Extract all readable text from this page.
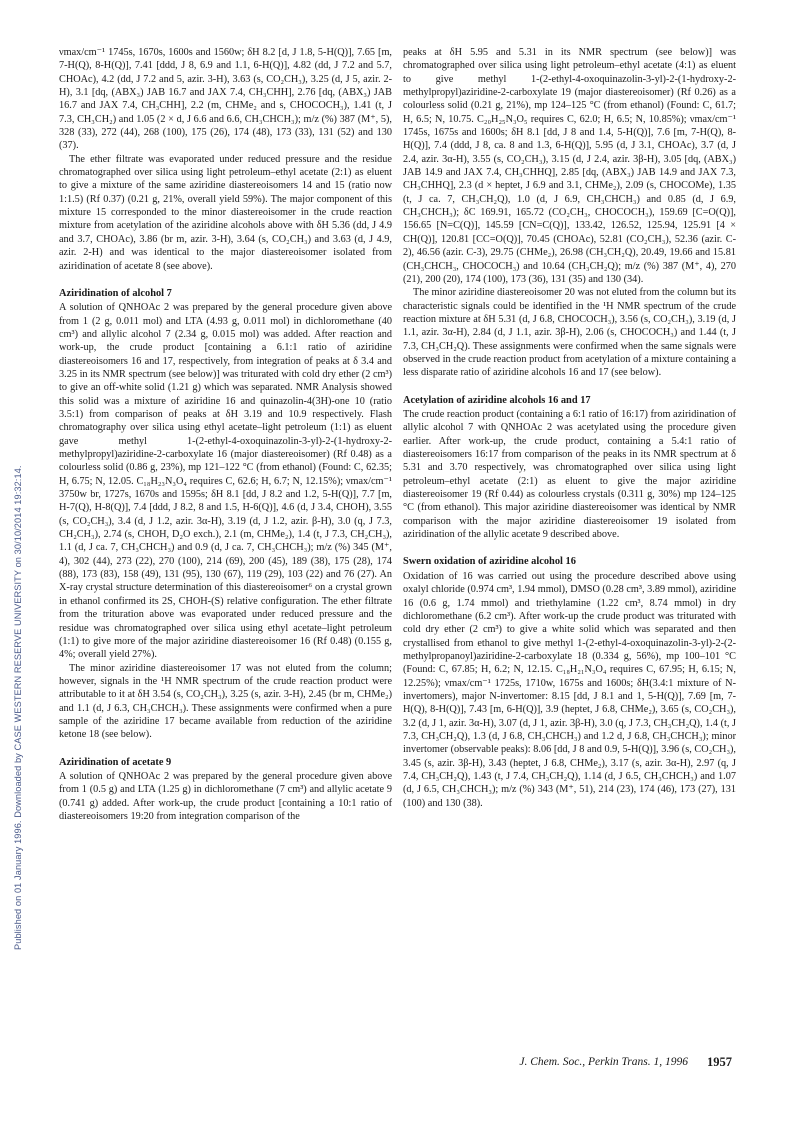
Published on 01 January 1996. Downloaded by CASE WESTERN RESERVE UNIVERSITY on 30/10/2014 19:32:14.

νmax/cm⁻¹ 1745s, 1670s, 1600s and 1560w; δH 8.2 [d, J 1.8, 5-H(Q)], 7.65 [m, 7-H(Q), 8-H(Q)], 7.41 [ddd, J 8, 6.9 and 1.1, 6-H(Q)], 4.82 (dd, J 7.2 and 5.7, CHOAc), 4.2 (dd, J 7.2 and 5, azir. 3-H), 3.63 (s, CO₂CH₃), 3.25 (d, J 5, azir. 2-H), 3.1 [dq, (ABX₃) JAB 16.7 and JAX 7.4, CH₃CHH], 2.76 [dq, (ABX₃) JAB 16.7 and JAX 7.4, CH₃CHH], 2.2 (m, CHMe₂ and s, CHOCOCH₃), 1.41 (t, J 7.3, CH₃CH₂) and 1.05 (2 × d, J 6.6 and 6.6, CH₃CHCH₃); m/z (%) 387 (M⁺, 5), 328 (33), 272 (44), 268 (100), 175 (26), 174 (48), 173 (33), 131 (52) and 130 (37).

The ether filtrate was evaporated under reduced pressure and the residue chromatographed over silica using light petroleum–ethyl acetate (2:1) as eluent to give a mixture of the same aziridine diastereoisomers 14 and 15 (ratio now 1:1.5) (Rf 0.37) (0.21 g, 21%, overall yield 59%). The major component of this mixture 15 corresponded to the minor diastereoisomer in the crude reaction mixture from acetylation of the aziridine alcohols above with δH 5.36 (dd, J 4.9 and 3.7, CHOAc), 3.86 (br m, azir. 3-H), 3.64 (s, CO₂CH₃) and 3.63 (d, J 4.9, azir. 2-H) and was identical to the major diastereoisomer isolated from aziridination of acetate 8 (see above).

Aziridination of alcohol 7

A solution of QNHOAc 2 was prepared by the general procedure given above from 1 (2 g, 0.011 mol) and LTA (4.93 g, 0.011 mol) in dichloromethane (40 cm³) and allylic alcohol 7 (2.34 g, 0.015 mol) was added. After reaction and work-up, the crude product [containing a 6.1:1 ratio of aziridine diastereoisomers 16 and 17, respectively, from integration of peaks at δ 3.4 and 3.25 in its NMR spectrum (see below)] was triturated with cold dry ether (2 cm³) to give an off-white solid (1.21 g) which was separated. NMR Analysis showed this solid was a mixture of aziridine 16 and quinazolin-4(3H)-one 10 (ratio 3.5:1) from comparison of peaks at δH 3.19 and 10.9 respectively. Flash chromatography over silica using ethyl acetate–light petroleum (1:1) as eluent gave methyl 1-(2-ethyl-4-oxoquinazolin-3-yl)-2-(1-hydroxy-2-methylpropyl)aziridine-2-carboxylate 16 (major diastereoisomer) (Rf 0.48) as a colourless solid (0.86 g, 23%), mp 121–122 °C (from ethanol) (Found: C, 62.35; H, 6.75; N, 12.05. C₁₈H₂₃N₃O₄ requires C, 62.6; H, 6.7; N, 12.15%); νmax/cm⁻¹ 3750w br, 1727s, 1670s and 1595s; δH 8.1 [dd, J 8.2 and 1.2, 5-H(Q)], 7.7 [m, H-7(Q), H-8(Q)], 7.4 [ddd, J 8.2, 8 and 1.5, H-6(Q)], 4.6 (d, J 3.4, CHOH), 3.55 (s, CO₂CH₃), 3.4 (d, J 1.2, azir. 3α-H), 3.19 (d, J 1.2, azir. β-H), 3.0 (q, J 7.3, CH₂CH₃), 2.74 (s, CHOH, D₂O exch.), 2.1 (m, CHMe₂), 1.4 (t, J 7.3, CH₂CH₃), 1.1 (d, J ca. 7, CH₃CHCH₃) and 0.9 (d, J ca. 7, CH₃CHCH₃); m/z (%) 345 (M⁺, 4), 302 (44), 273 (22), 270 (100), 214 (69), 200 (45), 189 (38), 175 (28), 174 (88), 173 (83), 158 (49), 131 (95), 130 (67), 119 (29), 103 (22) and 76 (27). An X-ray crystal structure determination of this diastereoisomer⁶ on a crystal grown in ethanol confirmed its 2S, CHOH-(S) relative configuration. The ether filtrate from the trituration above was evaporated under reduced pressure and the residue was chromatographed over silica using ethyl acetate–light petroleum (1:1) to give more of the major aziridine diastereoisomer 16 (Rf 0.48) (0.155 g, 4%; overall yield 27%).

The minor aziridine diastereoisomer 17 was not eluted from the column; however, signals in the ¹H NMR spectrum of the crude reaction product were attributable to it at δH 3.54 (s, CO₂CH₃), 3.25 (s, azir. 3-H), 2.45 (br m, CHMe₂) and 1.1 (d, J 6.3, CH₃CHCH₃). These assignments were confirmed when a pure sample of the aziridine 17 became available from reduction of the aziridine ketone 18 (see below).

Aziridination of acetate 9

A solution of QNHOAc 2 was prepared by the general procedure given above from 1 (0.5 g) and LTA (1.25 g) in dichloromethane (7 cm³) and allylic acetate 9 (0.741 g) added. After work-up, the crude product [containing a 10:1 ratio of diastereoisomers 19:20 from integration comparison of the

peaks at δH 5.95 and 5.31 in its NMR spectrum (see below)] was chromatographed over silica using light petroleum–ethyl acetate (4:1) as eluent to give methyl 1-(2-ethyl-4-oxoquinazolin-3-yl)-2-(1-hydroxy-2-methylpropyl)aziridine-2-carboxylate 19 (major diastereoisomer) (Rf 0.26) as a colourless solid (0.21 g, 21%), mp 124–125 °C (from ethanol) (Found: C, 61.7; H, 6.5; N, 10.75. C₂₀H₂₅N₃O₅ requires C, 62.0; H, 6.5; N, 10.85%); νmax/cm⁻¹ 1745s, 1675s and 1600s; δH 8.1 [dd, J 8 and 1.4, 5-H(Q)], 7.6 [m, 7-H(Q), 8-H(Q)], 7.4 (ddd, J 8, ca. 8 and 1.3, 6-H(Q)], 5.95 (d, J 3.1, CHOAc), 3.7 (d, J 2.4, azir. 3α-H), 3.55 (s, CO₂CH₃), 3.15 (d, J 2.4, azir. 3β-H), 3.05 [dq, (ABX₃) JAB 14.9 and JAX 7.4, CH₃CHHQ], 2.85 [dq, (ABX₃) JAB 14.9 and JAX 7.3, CH₃CHHQ], 2.3 (d × heptet, J 6.9 and 3.1, CHMe₂), 2.09 (s, CHOCOMe), 1.35 (t, J ca. 7, CH₃CH₂Q), 1.0 (d, J 6.9, CH₃CHCH₃) and 0.85 (d, J 6.9, CH₃CHCH₃); δC 169.91, 165.72 (CO₂CH₃, CHOCOCH₃), 159.69 [C=O(Q)], 156.65 [N=C(Q)], 145.59 [CN=C(Q)], 133.42, 126.52, 125.94, 125.91 [4 × CH(Q)], 120.81 [CC=O(Q)], 70.45 (CHOAc), 52.81 (CO₂CH₃), 52.36 (azir. C-2), 46.56 (azir. C-3), 29.75 (CHMe₂), 26.98 (CH₃CH₂Q), 20.49, 19.66 and 15.81 (CH₃CHCH₃, CHOCOCH₃) and 10.64 (CH₃CH₂Q); m/z (%) 387 (M⁺, 4), 270 (21), 200 (20), 174 (100), 173 (36), 131 (35) and 130 (34).

The minor aziridine diastereoisomer 20 was not eluted from the column but its characteristic signals could be identified in the ¹H NMR spectrum of the crude reaction mixture at δH 5.31 (d, J 6.8, CHOCOCH₃), 3.56 (s, CO₂CH₃), 3.19 (d, J 1.1, azir. 3α-H), 2.84 (d, J 1.1, azir. 3β-H), 2.06 (s, CHOCOCH₃) and 1.44 (t, J 7.3, CH₃CH₂Q). These assignments were confirmed when the same signals were observed in the crude reaction product from acetylation of a mixture containing a less disparate ratio of aziridine alcohols 16 and 17 (see below).

Acetylation of aziridine alcohols 16 and 17

The crude reaction product (containing a 6:1 ratio of 16:17) from aziridination of allylic alcohol 7 with QNHOAc 2 was acetylated using the procedure given earlier. After work-up, the crude product, containing a 5.4:1 ratio of diastereoisomers 16:17 from comparison of the peaks in its NMR spectrum at δ 5.31 and 3.70 respectively, was chromatographed over silica using light petroleum–ethyl acetate (2:1) as eluent to give the major aziridine diastereoisomer 19 (Rf 0.44) as colourless crystals (0.311 g, 30%) mp 124–125 °C (from ethanol). This major aziridine diastereoisomer was identical by NMR comparison with the major aziridine diastereoisomer 19 isolated from aziridination of the allylic acetate 9 described above.

Swern oxidation of aziridine alcohol 16

Oxidation of 16 was carried out using the procedure described above using oxalyl chloride (0.974 cm³, 1.94 mmol), DMSO (0.28 cm³, 3.89 mmol), aziridine 16 (0.6 g, 1.74 mmol) and triethylamine (1.22 cm³, 8.74 mmol) in dry dichloromethane (6.2 cm³). After work-up the crude product was triturated with cold dry ether (2 cm³) to give a white solid which was separated and then crystallised from ethanol to give methyl 1-(2-ethyl-4-oxoquinazolin-3-yl)-2-(2-methylpropanoyl)aziridine-2-carboxylate 18 (0.334 g, 56%), mp 100–101 °C (Found: C, 67.85; H, 6.2; N, 12.15. C₁₈H₂₁N₃O₄ requires C, 67.95; H, 6.15; N, 12.25%); νmax/cm⁻¹ 1725s, 1710w, 1675s and 1600s; δH(3.4:1 mixture of N-invertomers), major N-invertomer: 8.15 [dd, J 8.1 and 1, 5-H(Q)], 7.69 [m, 7-H(Q), 8-H(Q)], 7.43 [m, 6-H(Q)], 3.9 (heptet, J 6.8, CHMe₂), 3.65 (s, CO₂CH₃), 3.2 (d, J 1, azir. 3α-H), 3.07 (d, J 1, azir. 3β-H), 3.0 (q, J 7.3, CH₃CH₂Q), 1.4 (t, J 7.3, CH₃CH₂Q), 1.3 (d, J 6.8, CH₃CHCH₃) and 1.2 d, J 6.8, CH₃CHCH₃); minor invertomer (observable peaks): 8.06 [dd, J 8 and 0.9, 5-H(Q)], 3.96 (s, CO₂CH₃), 3.45 (s, azir. 3β-H), 3.43 (heptet, J 6.8, CHMe₂), 3.17 (s, azir. 3α-H), 2.97 (q, J 7.4, CH₃CH₂Q), 1.43 (t, J 7.4, CH₃CH₂Q), 1.14 (d, J 6.5, CH₃CHCH₃) and 1.07 (d, J 6.5, CH₃CHCH₃); m/z (%) 343 (M⁺, 51), 214 (23), 174 (46), 173 (27), 131 (100) and 130 (38).

J. Chem. Soc., Perkin Trans. 1, 1996 1957
